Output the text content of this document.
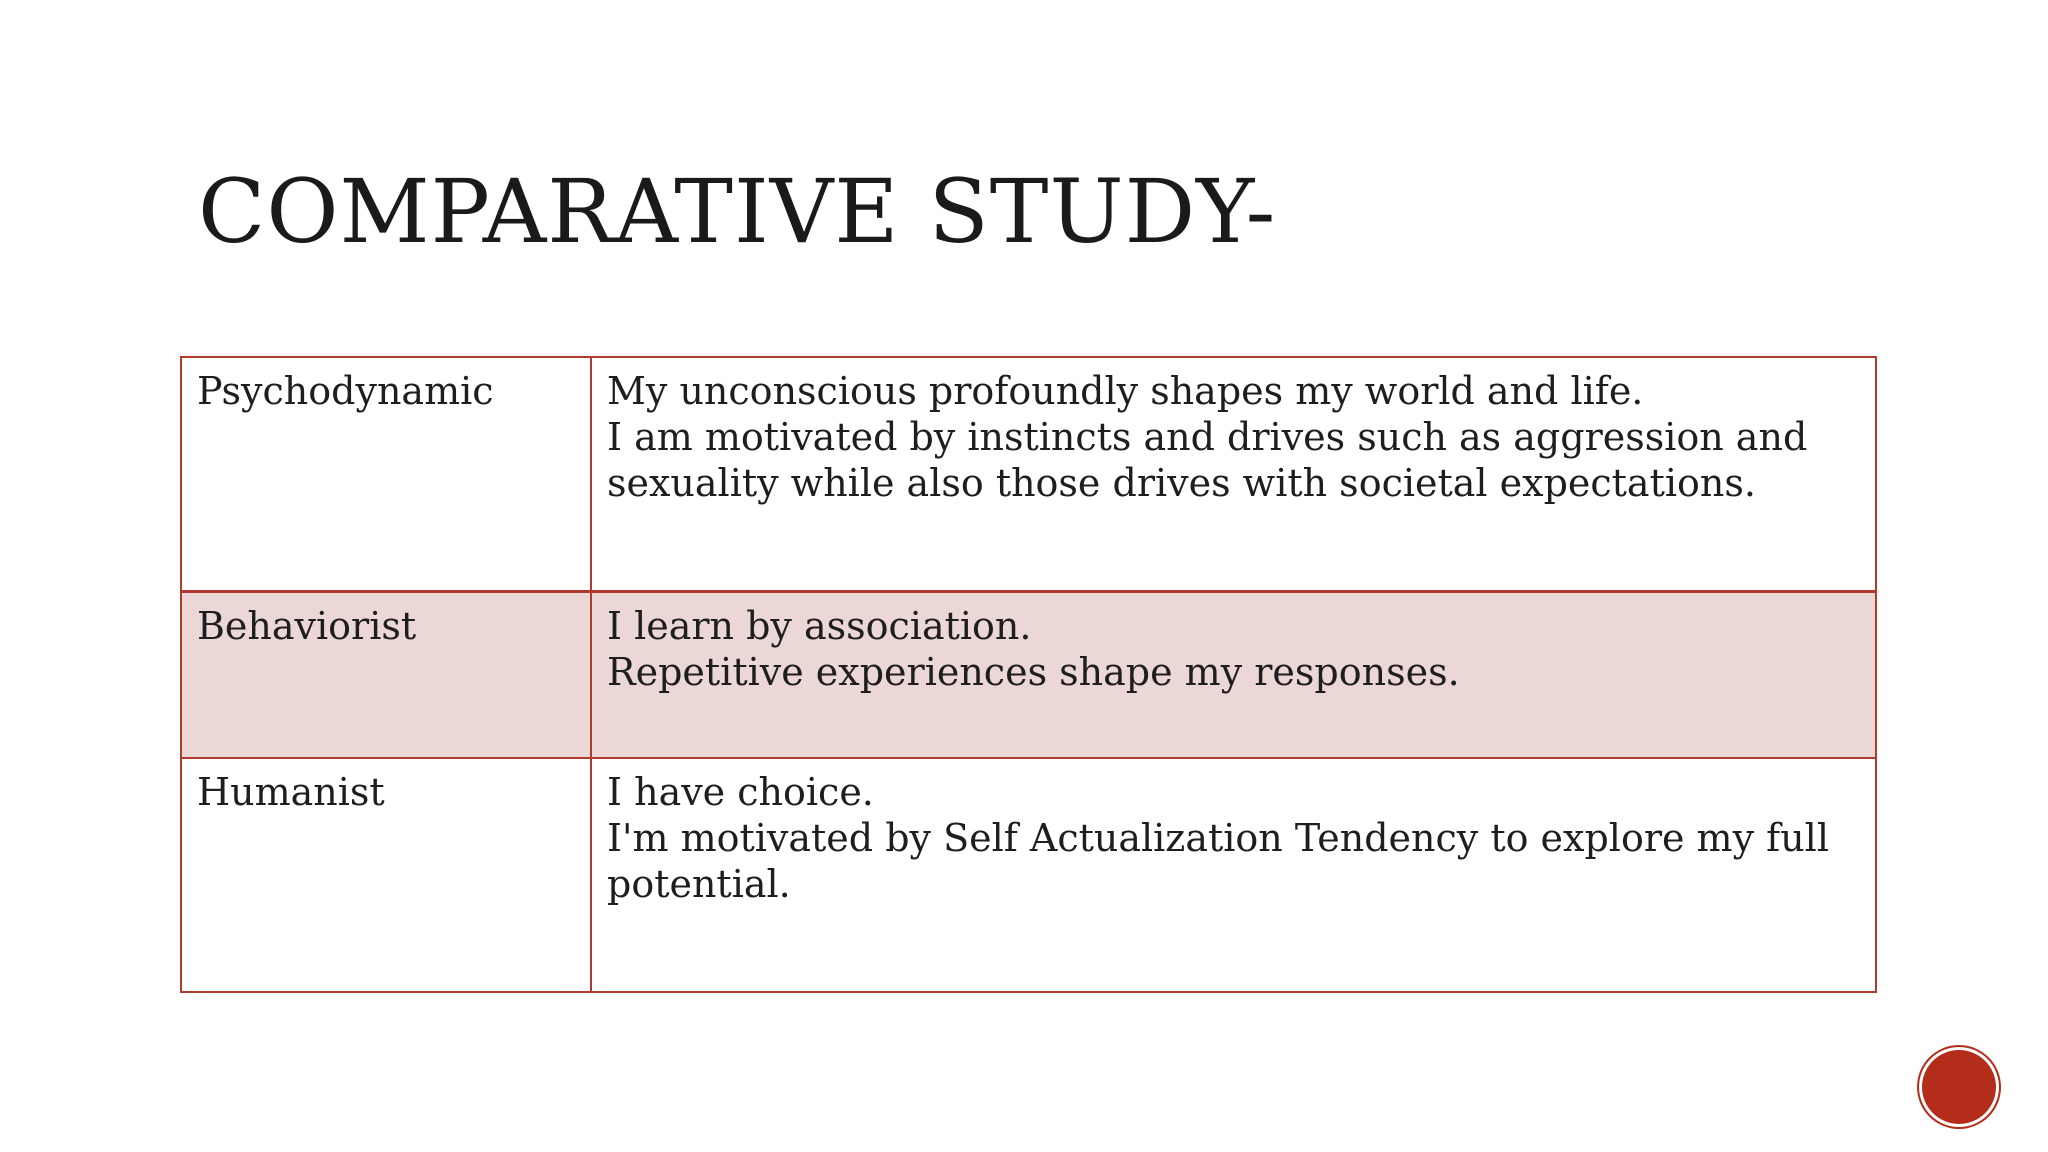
COMPARATIVE STUDY-
Psychodynamic	My unconscious profoundly shapes my world and life.
I am motivated by instincts and drives such as aggression and sexuality while also those drives with societal expectations.

Behaviorist	I learn by association.
Repetitive experiences shape my responses.

Humanist	I have choice.
I'm motivated by Self Actualization Tendency to explore my full potential.
